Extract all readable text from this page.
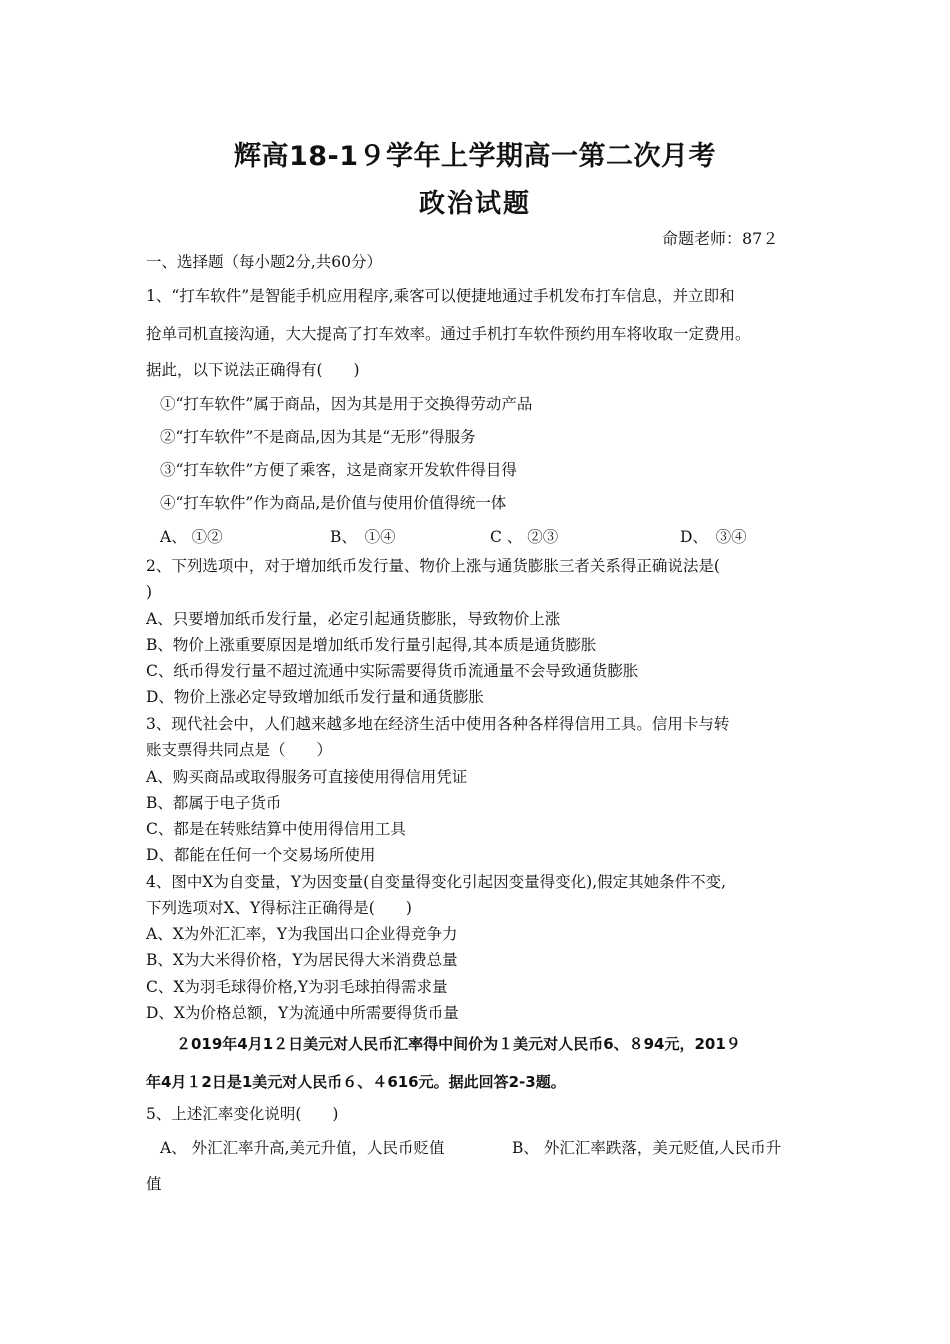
辉高18-1９学年上学期高一第二次月考
政治试题
命题老师：87２
一、选择题（每小题2分,共60分）
1、“打车软件”是智能手机应用程序,乘客可以便捷地通过手机发布打车信息，并立即和
抢单司机直接沟通，大大提高了打车效率。通过手机打车软件预约用车将收取一定费用。
据此，以下说法正确得有(　　)
①“打车软件”属于商品，因为其是用于交换得劳动产品
②“打车软件”不是商品,因为其是“无形”得服务
③“打车软件”方便了乘客，这是商家开发软件得目得
④“打车软件”作为商品,是价值与使用价值得统一体
A、 ①②	B、　①④	C 、 ②③	D、　③④
2、下列选项中，对于增加纸币发行量、物价上涨与通货膨胀三者关系得正确说法是(
)
A、只要增加纸币发行量，必定引起通货膨胀，导致物价上涨
B、物价上涨重要原因是增加纸币发行量引起得,其本质是通货膨胀
C、纸币得发行量不超过流通中实际需要得货币流通量不会导致通货膨胀
D、物价上涨必定导致增加纸币发行量和通货膨胀
3、现代社会中，人们越来越多地在经济生活中使用各种各样得信用工具。信用卡与转
账支票得共同点是（　　）
A、购买商品或取得服务可直接使用得信用凭证
B、都属于电子货币
C、都是在转账结算中使用得信用工具
D、都能在任何一个交易场所使用
4、图中X为自变量，Y为因变量(自变量得变化引起因变量得变化),假定其她条件不变,
下列选项对X、Y得标注正确得是(　　)
A、X为外汇汇率，Y为我国出口企业得竞争力
B、X为大米得价格，Y为居民得大米消费总量
C、X为羽毛球得价格,Y为羽毛球拍得需求量
D、X为价格总额，Y为流通中所需要得货币量
２019年4月1２日美元对人民币汇率得中间价为１美元对人民币6、８94元，201９
年4月１2日是1美元对人民币６、４616元。据此回答2-3题。
5、上述汇率变化说明(　　)
A、 外汇汇率升高,美元升值，人民币贬值	B、 外汇汇率跌落，美元贬值,人民币升
值
